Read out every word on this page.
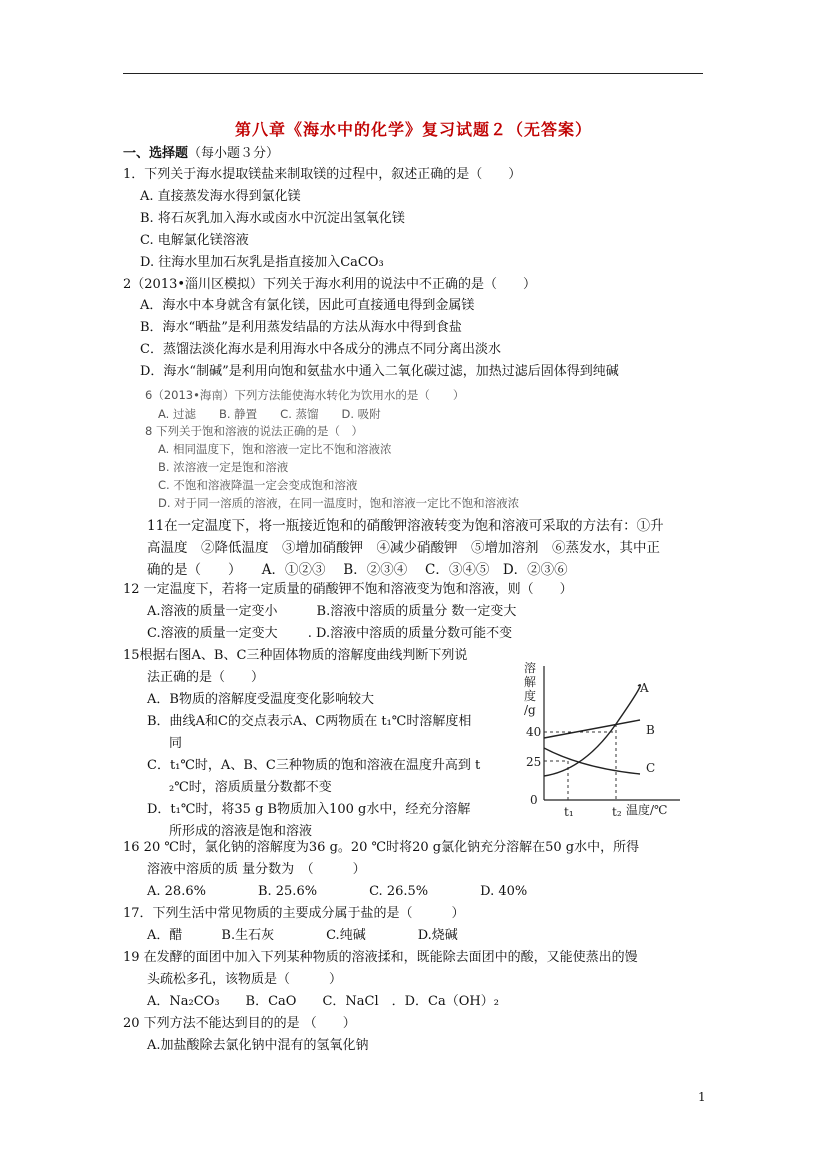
第八章《海水中的化学》复习试题２（无答案）
一、选择题（每小题３分）
1．下列关于海水提取镁盐来制取镁的过程中，叙述正确的是（　　）
A. 直接蒸发海水得到氯化镁
B. 将石灰乳加入海水或卤水中沉淀出氢氧化镁
C. 电解氯化镁溶液
D. 往海水里加石灰乳是指直接加入CaCO₃
2（2013•淄川区模拟）下列关于海水利用的说法中不正确的是（　　）
A．海水中本身就含有氯化镁，因此可直接通电得到金属镁
B．海水“晒盐”是利用蒸发结晶的方法从海水中得到食盐
C．蒸馏法淡化海水是利用海水中各成分的沸点不同分离出淡水
D．海水“制碱”是利用向饱和氨盐水中通入二氧化碳过滤，加热过滤后固体得到纯碱
6（2013•海南）下列方法能使海水转化为饮用水的是（　　）
A. 过滤　　B. 静置　　C. 蒸馏　　D. 吸附
8 下列关于饱和溶液的说法正确的是（　）
A. 相同温度下，饱和溶液一定比不饱和溶液浓
B. 浓溶液一定是饱和溶液
C. 不饱和溶液降温一定会变成饱和溶液
D. 对于同一溶质的溶液，在同一温度时，饱和溶液一定比不饱和溶液浓
11在一定温度下，将一瓶接近饱和的硝酸钾溶液转变为饱和溶液可采取的方法有：①升
高温度　②降低温度　③增加硝酸钾　④减少硝酸钾　⑤增加溶剂　⑥蒸发水，其中正
确的是（　　）　　A．①②③　 B．②③④　 C．③④⑤　D．②③⑥
12 一定温度下，若将一定质量的硝酸钾不饱和溶液变为饱和溶液，则（　　）
A.溶液的质量一定变小　　　B.溶液中溶质的质量分 数一定变大
C.溶液的质量一定变大　　 . D.溶液中溶质的质量分数可能不变
15根据右图A、B、C三种固体物质的溶解度曲线判断下列说
法正确的是（　　）
A．B物质的溶解度受温度变化影响较大
B．曲线A和C的交点表示A、C两物质在 t₁℃时溶解度相
同
C．t₁℃时，A、B、C三种物质的饱和溶液在温度升高到 t
₂℃时，溶质质量分数都不变
D．t₁℃时，将35 g B物质加入100 g水中，经充分溶解
所形成的溶液是饱和溶液
溶
解
度
/g
40
25
0
A
B
C
t₁	t₂ 温度/℃
16 20 ℃时，氯化钠的溶解度为36 g。20 ℃时将20 g氯化钠充分溶解在50 g水中，所得
溶液中溶质的质 量分数为　（　　　）
A. 28.6%　　　　B. 25.6%　　　　C. 26.5%　　　　D. 40%
17．下列生活中常见物质的主要成分属于盐的是（　　　）
A．醋　　　B.生石灰　　　　C.纯碱　　　　D.烧碱
19 在发酵的面团中加入下列某种物质的溶液揉和，既能除去面团中的酸，又能使蒸出的馒
头疏松多孔，该物质是（　　　）
A．Na₂CO₃　　B．CaO　　C．NaCl　．D．Ca（OH）₂
20 下列方法不能达到目的的是 （　　）
A.加盐酸除去氯化钠中混有的氢氧化钠
1
